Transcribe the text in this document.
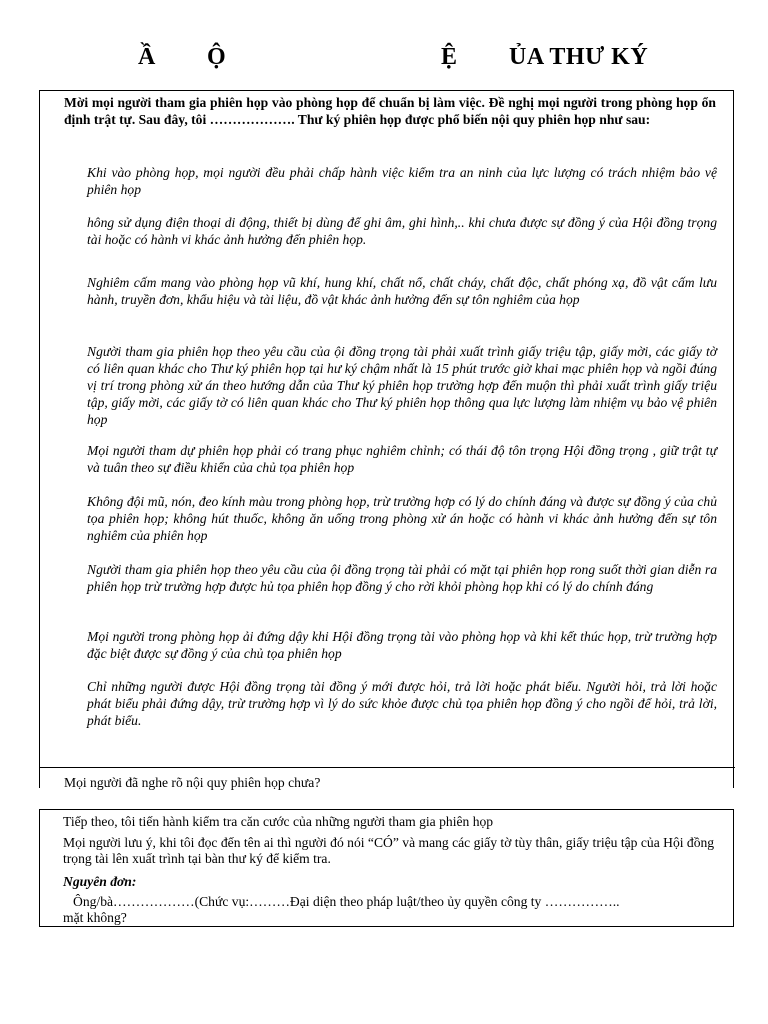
Ầ Ộ	Ệ ỦA THƯ KÝ
Mời mọi người tham gia phiên họp vào phòng họp để chuẩn bị làm việc. Đề nghị mọi người trong phòng họp ổn định trật tự. Sau đây, tôi ………………. Thư ký phiên họp được phổ biến nội quy phiên họp như sau:
Khi vào phòng họp, mọi người đều phải chấp hành việc kiểm tra an ninh của lực lượng có trách nhiệm bảo vệ phiên họp
hông sử dụng điện thoại di động, thiết bị dùng để ghi âm, ghi hình,.. khi chưa được sự đồng ý của Hội đồng trọng tài hoặc có hành vi khác ảnh hưởng đến phiên họp.
Nghiêm cấm mang vào phòng họp vũ khí, hung khí, chất nổ, chất cháy, chất độc, chất phóng xạ, đồ vật cấm lưu hành, truyền đơn, khẩu hiệu và tài liệu, đồ vật khác ảnh hưởng đến sự tôn nghiêm của họp
Người tham gia phiên họp theo yêu cầu của ội đồng trọng tài phải xuất trình giấy triệu tập, giấy mời, các giấy tờ có liên quan khác cho Thư ký phiên họp tại hư ký chậm nhất là 15 phút trước giờ khai mạc phiên họp và ngồi đúng vị trí trong phòng xử án theo hướng dẫn của Thư ký phiên họp trường hợp đến muộn thì phải xuất trình giấy triệu tập, giấy mời, các giấy tờ có liên quan khác cho Thư ký phiên họp thông qua lực lượng làm nhiệm vụ bảo vệ phiên họp
Mọi người tham dự phiên họp phải có trang phục nghiêm chỉnh; có thái độ tôn trọng Hội đồng trọng , giữ trật tự và tuân theo sự điều khiển của chủ tọa phiên họp
Không đội mũ, nón, đeo kính màu trong phòng họp, trừ trường hợp có lý do chính đáng và được sự đồng ý của chủ tọa phiên họp; không hút thuốc, không ăn uống trong phòng xử án hoặc có hành vi khác ảnh hưởng đến sự tôn nghiêm của phiên họp
Người tham gia phiên họp theo yêu cầu của ội đồng trọng tài phải có mặt tại phiên họp rong suốt thời gian diễn ra phiên họp trừ trường hợp được hủ tọa phiên họp đồng ý cho rời khỏi phòng họp khi có lý do chính đáng
Mọi người trong phòng họp ải đứng dậy khi Hội đồng trọng tài vào phòng họp và khi kết thúc họp, trừ trường hợp đặc biệt được sự đồng ý của chủ tọa phiên họp
Chỉ những người được Hội đồng trọng tài đồng ý mới được hỏi, trả lời hoặc phát biểu. Người hỏi, trả lời hoặc phát biểu phải đứng dậy, trừ trường hợp vì lý do sức khỏe được chủ tọa phiên họp đồng ý cho ngồi để hỏi, trả lời, phát biểu.
Mọi người đã nghe rõ nội quy phiên họp chưa?
Tiếp theo, tôi tiến hành kiểm tra căn cước của những người tham gia phiên họp
Mọi người lưu ý, khi tôi đọc đến tên ai thì người đó nói “CÓ” và mang các giấy tờ tùy thân, giấy triệu tập của Hội đồng trọng tài lên xuất trình tại bàn thư ký để kiểm tra.
Nguyên đơn:
Ông/bà………………(Chức vụ:………Đại diện theo pháp luật/theo ủy quyền công ty ……………..
mặt không?
